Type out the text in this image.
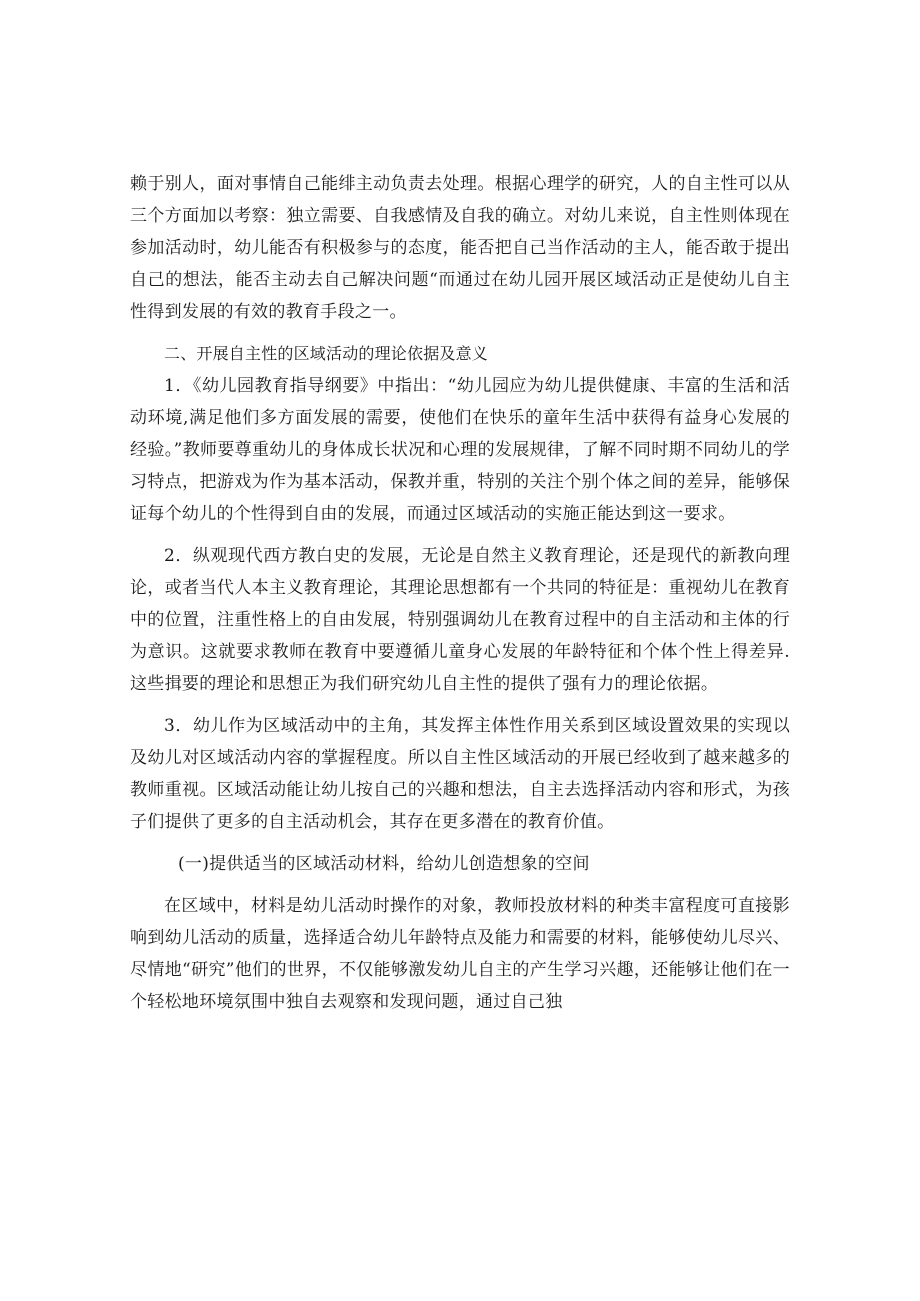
赖于别人，面对事情自己能绯主动负责去处理。根据心理学的研究，人的自主性可以从三个方面加以考察：独立需要、自我感情及自我的确立。对幼儿来说，自主性则体现在参加活动时，幼儿能否有积极参与的态度，能否把自己当作活动的主人，能否敢于提出自己的想法，能否主动去自己解决问题“而通过在幼儿园开展区域活动正是使幼儿自主性得到发展的有效的教育手段之一。

二、开展自主性的区域活动的理论依据及意义

1．《幼儿园教育指导纲要》中指出：“幼儿园应为幼儿提供健康、丰富的生活和活动环境,满足他们多方面发展的需要，使他们在快乐的童年生活中获得有益身心发展的经验。”教师要尊重幼儿的身体成长状况和心理的发展规律，了解不同时期不同幼儿的学习特点，把游戏为作为基本活动，保教并重，特别的关注个别个体之间的差异，能够保证每个幼儿的个性得到自由的发展，而通过区域活动的实施正能达到这一要求。

2．纵观现代西方教白史的发展，无论是自然主义教育理论，还是现代的新教向理论，或者当代人本主义教育理论，其理论思想都有一个共同的特征是：重视幼儿在教育中的位置，注重性格上的自由发展，特别强调幼儿在教育过程中的自主活动和主体的行为意识。这就要求教师在教育中要遵循儿童身心发展的年龄特征和个体个性上得差异.这些揖要的理论和思想正为我们研究幼儿自主性的提供了强有力的理论依据。

3．幼儿作为区域活动中的主角，其发挥主体性作用关系到区域设置效果的实现以及幼儿对区域活动内容的掌握程度。所以自主性区域活动的开展已经收到了越来越多的教师重视。区域活动能让幼儿按自己的兴趣和想法，自主去选择活动内容和形式，为孩子们提供了更多的自主活动机会，其存在更多潜在的教育价值。

(一)提供适当的区域活动材料，给幼儿创造想象的空间

在区域中，材料是幼儿活动时操作的对象，教师投放材料的种类丰富程度可直接影响到幼儿活动的质量，选择适合幼儿年龄特点及能力和需要的材料，能够使幼儿尽兴、尽情地“研究”他们的世界，不仅能够激发幼儿自主的产生学习兴趣，还能够让他们在一个轻松地环境氛围中独自去观察和发现问题，通过自己独
